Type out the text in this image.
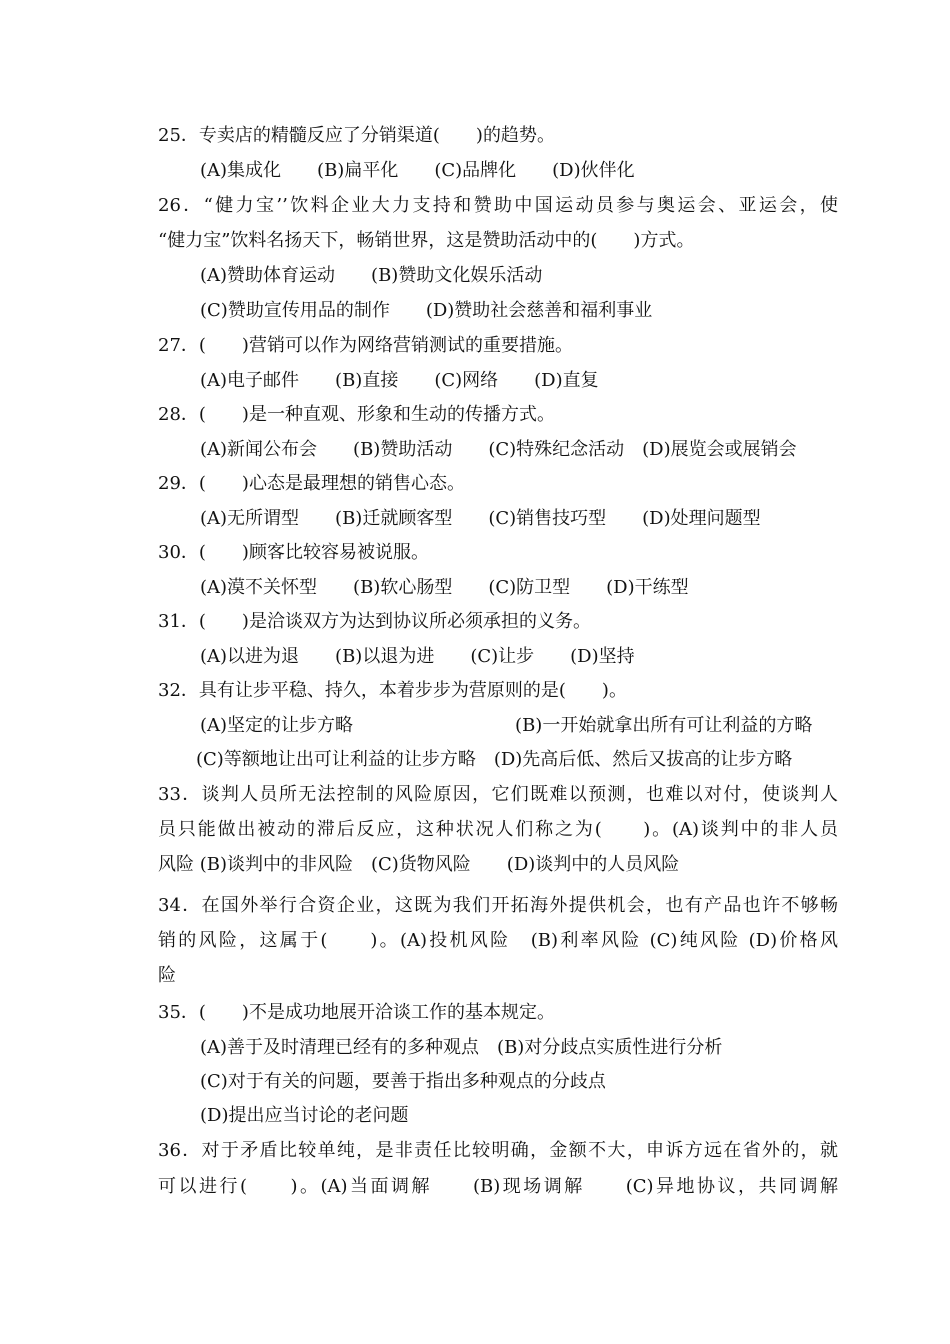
25．专卖店的精髓反应了分销渠道(　　)的趋势。
(A)集成化　　(B)扁平化　　(C)品牌化　　(D)伙伴化
26．“健力宝’’饮料企业大力支持和赞助中国运动员参与奥运会、亚运会，使
“健力宝”饮料名扬天下，畅销世界，这是赞助活动中的(　　)方式。
(A)赞助体育运动　　(B)赞助文化娱乐活动
(C)赞助宣传用品的制作　　(D)赞助社会慈善和福利事业
27．(　　)营销可以作为网络营销测试的重要措施。
(A)电子邮件　　(B)直接　　(C)网络　　(D)直复
28．(　　)是一种直观、形象和生动的传播方式。
(A)新闻公布会　　(B)赞助活动　　(C)特殊纪念活动　(D)展览会或展销会
29．(　　)心态是最理想的销售心态。
(A)无所谓型　　(B)迁就顾客型　　(C)销售技巧型　　(D)处理问题型
30．(　　)顾客比较容易被说服。
(A)漠不关怀型　　(B)软心肠型　　(C)防卫型　　(D)干练型
31．(　　)是洽谈双方为达到协议所必须承担的义务。
(A)以进为退　　(B)以退为进　　(C)让步　　(D)坚持
32．具有让步平稳、持久，本着步步为营原则的是(　　)。
(A)坚定的让步方略　　　　　　　　　(B)一开始就拿出所有可让利益的方略
(C)等额地让出可让利益的让步方略　(D)先高后低、然后又拔高的让步方略
33．谈判人员所无法控制的风险原因，它们既难以预测，也难以对付，使谈判人
员只能做出被动的滞后反应，这种状况人们称之为(　　)。(A)谈判中的非人员
风险 (B)谈判中的非风险　(C)货物风险　　(D)谈判中的人员风险
34．在国外举行合资企业，这既为我们开拓海外提供机会，也有产品也许不够畅
销的风险，这属于(　　)。(A)投机风险　(B)利率风险 (C)纯风险 (D)价格风
险
35．(　　)不是成功地展开洽谈工作的基本规定。
(A)善于及时清理已经有的多种观点　(B)对分歧点实质性进行分析
(C)对于有关的问题，要善于指出多种观点的分歧点
(D)提出应当讨论的老问题
36．对于矛盾比较单纯，是非责任比较明确，金额不大，申诉方远在省外的，就
可以进行(　　)。(A)当面调解　　(B)现场调解　　(C)异地协议，共同调解
